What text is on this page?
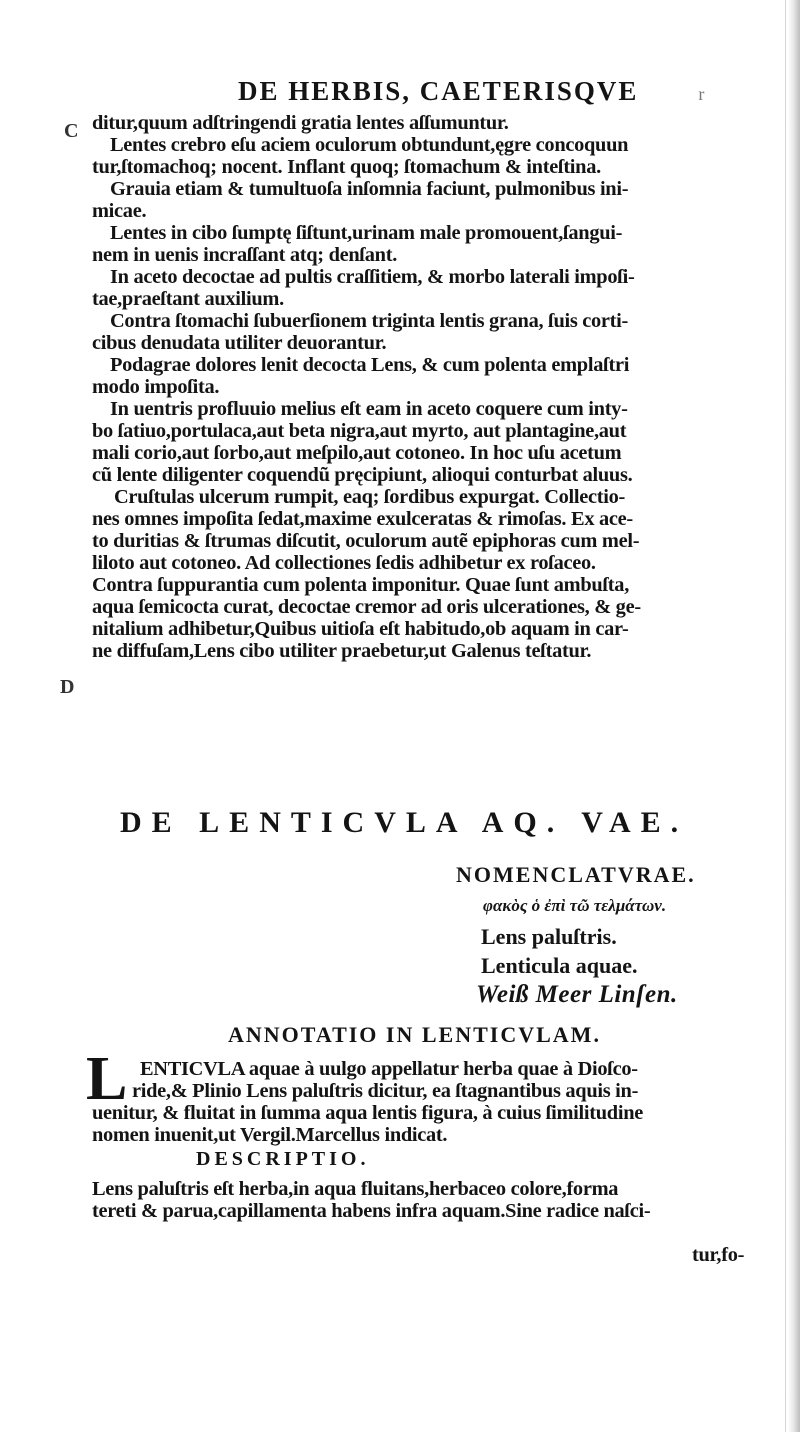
DE HERBIS, CAETERISQVE	r
C
D
ditur,quum adſtringendi gratia lentes aſſumuntur.
Lentes crebro eſu aciem oculorum obtundunt,ęgre concoquun
tur,ſtomachoq; nocent. Inflant quoq; ſtomachum & inteſtina.
Grauia etiam & tumultuoſa inſomnia faciunt, pulmonibus ini-
micae.
Lentes in cibo ſumptę ſiſtunt,urinam male promouent,ſangui-
nem in uenis incraſſant atq; denſant.
In aceto decoctae ad pultis craſſitiem, & morbo laterali impoſi-
tae,praeſtant auxilium.
Contra ſtomachi ſubuerſionem triginta lentis grana, ſuis corti-
cibus denudata utiliter deuorantur.
Podagrae dolores lenit decocta Lens, & cum polenta emplaſtri
modo impoſita.
In uentris profluuio melius eſt eam in aceto coquere cum inty-
bo ſatiuo,portulaca,aut beta nigra,aut myrto, aut plantagine,aut
mali corio,aut ſorbo,aut meſpilo,aut cotoneo. In hoc uſu acetum
cũ lente diligenter coquendũ pręcipiunt, alioqui conturbat aluus.
Cruſtulas ulcerum rumpit, eaq; ſordibus expurgat. Collectio-
nes omnes impoſita ſedat,maxime exulceratas & rimoſas. Ex ace-
to duritias & ſtrumas diſcutit, oculorum autẽ epiphoras cum mel-
liloto aut cotoneo. Ad collectiones ſedis adhibetur ex roſaceo.
Contra ſuppurantia cum polenta imponitur. Quae ſunt ambuſta,
aqua ſemicocta curat, decoctae cremor ad oris ulcerationes, & ge-
nitalium adhibetur,Quibus uitioſa eſt habitudo,ob aquam in car-
ne diffuſam,Lens cibo utiliter praebetur,ut Galenus teſtatur.
DE LENTICVLA AQ. VAE.
NOMENCLATVRAE.
φακὸς ὁ ἐπὶ τῶ τελμάτων.
Lens paluſtris.
Lenticula aquae.
Weiß Meer Linſen.
ANNOTATIO IN LENTICVLAM.
L ENTICVLA aquae à uulgo appellatur herba quae à Dioſco-
ride,& Plinio Lens paluſtris dicitur, ea ſtagnantibus aquis in-
uenitur, & fluitat in ſumma aqua lentis figura, à cuius ſimilitudine
nomen inuenit,ut Vergil.Marcellus indicat.
DESCRIPTIO.
Lens paluſtris eſt herba,in aqua fluitans,herbaceo colore,forma
tereti & parua,capillamenta habens infra aquam.Sine radice naſci-
tur,fo-
